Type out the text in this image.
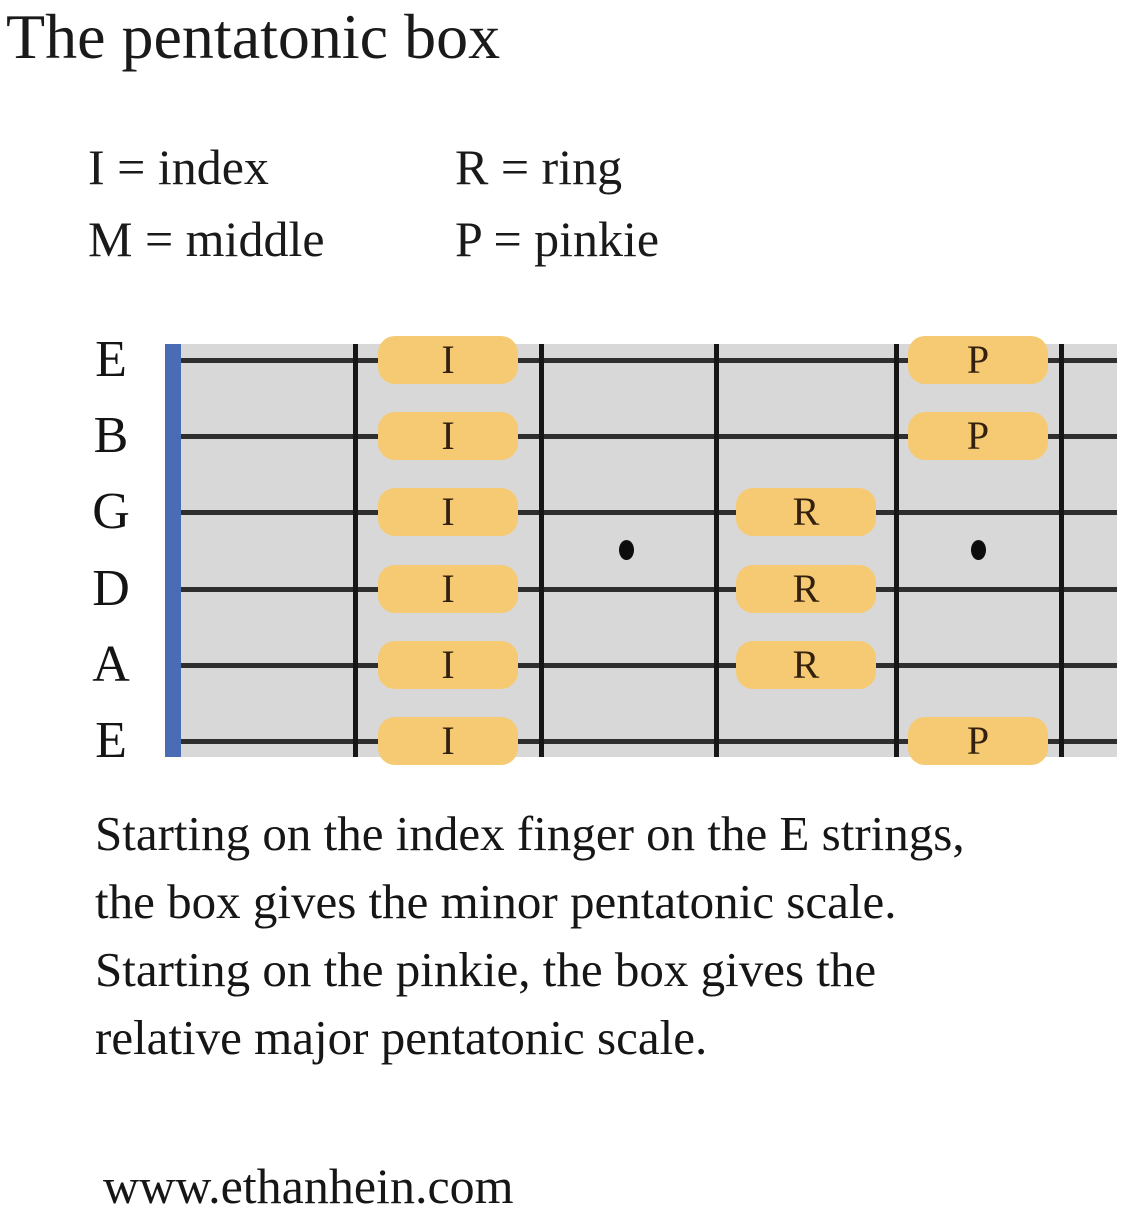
The pentatonic box
I = index	R = ring
M = middle	P = pinkie
E
B
G
D
A
E
I
I
I
I
I
I
R
R
R
P
P
P
Starting on the index finger on the E strings,
the box gives the minor pentatonic scale.
Starting on the pinkie, the box gives the
relative major pentatonic scale.
www.ethanhein.com
